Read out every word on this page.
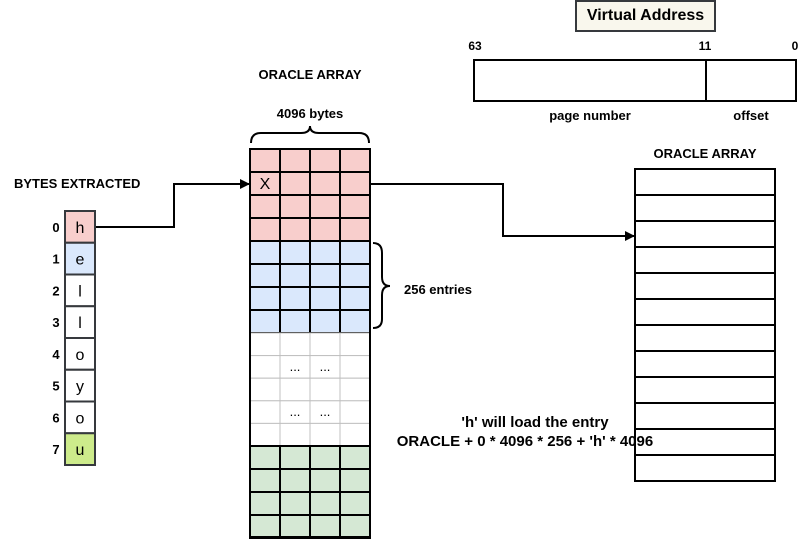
Virtual Address
63	11	0
page number	offset
ORACLE ARRAY
4096 bytes
X
... ...
... ...
256 entries
ORACLE ARRAY
BYTES EXTRACTED
h
0
e
1
l
2
l
3
o
4
y
5
o
6
u
7
'h' will load the entry
ORACLE + 0 * 4096 * 256 + 'h' * 4096
